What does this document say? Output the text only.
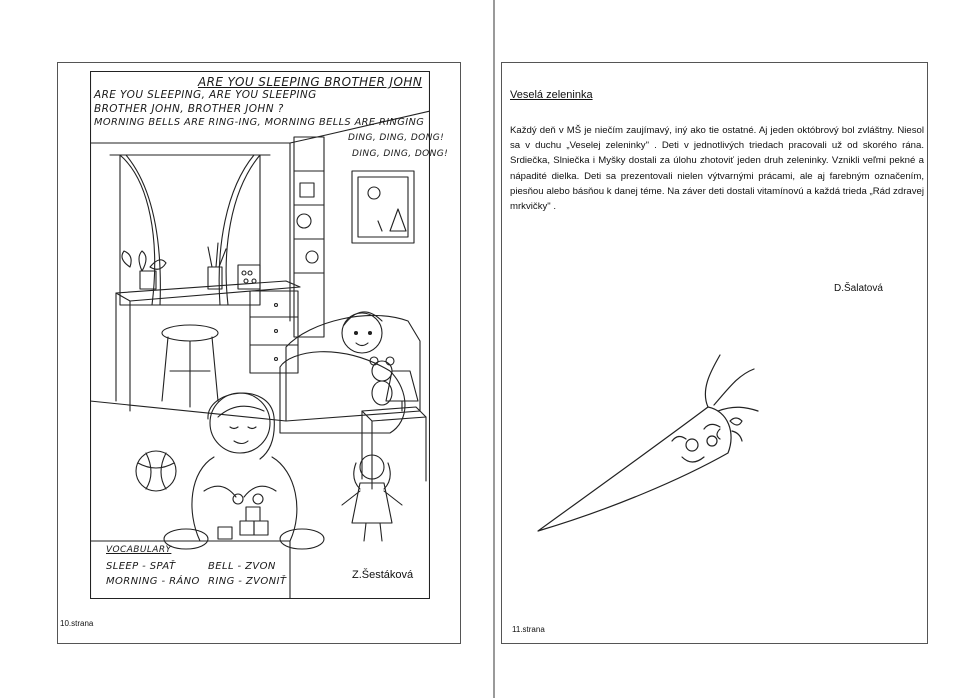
ARE YOU SLEEPING BROTHER JOHN
ARE YOU SLEEPING, ARE YOU SLEEPING
BROTHER JOHN, BROTHER JOHN ?
MORNING BELLS ARE RING-ING, MORNING BELLS ARE RINGING
DING, DING, DONG!
DING, DING, DONG!
VOCABULARY
SLEEP - SPAŤ	BELL - ZVON
MORNING - RÁNO RING - ZVONIŤ
Z.Šestáková
10.strana
Veselá zeleninka
Každý deň v MŠ je niečím zaujímavý, iný ako tie ostatné. Aj jeden októbrový bol zvláštny. Niesol sa v duchu „Veselej zeleninky" . Deti v jednotlivých triedach pracovali už od skorého rána. Srdiečka, Slniečka i Myšky dostali za úlohu zhotoviť jeden druh zeleninky. Vznikli veľmi pekné a nápadité dielka. Deti sa prezentovali nielen výtvarnými prácami, ale aj farebným označením, piesňou alebo básňou k danej téme. Na záver deti dostali vitamínovú a každá trieda „Rád zdravej mrkvičky" .
D.Šalatová
11.strana
